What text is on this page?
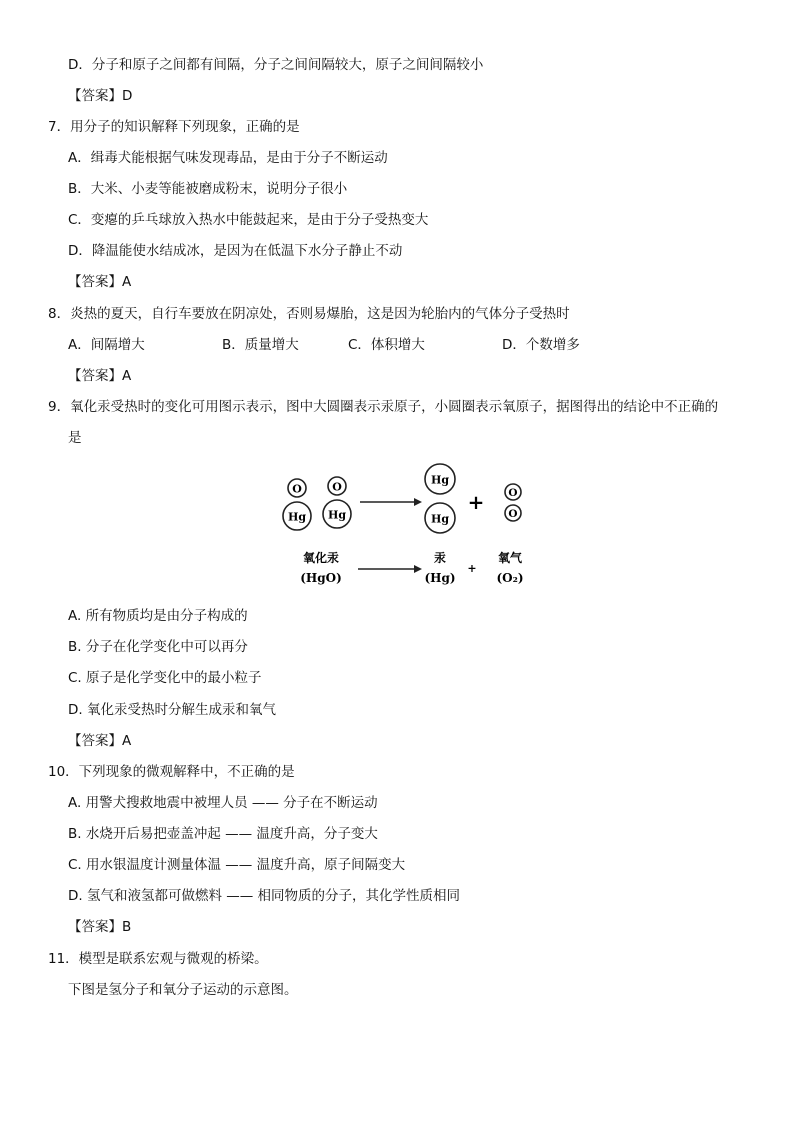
D．分子和原子之间都有间隔，分子之间间隔较大，原子之间间隔较小
【答案】D
7．用分子的知识解释下列现象，正确的是
A．缉毒犬能根据气味发现毒品，是由于分子不断运动
B．大米、小麦等能被磨成粉末，说明分子很小
C．变瘪的乒乓球放入热水中能鼓起来，是由于分子受热变大
D．降温能使水结成冰，是因为在低温下水分子静止不动
【答案】A
8．炎热的夏天，自行车要放在阴凉处，否则易爆胎，这是因为轮胎内的气体分子受热时
A．间隔增大	B．质量增大	C．体积增大	D．个数增多
【答案】A
9．氧化汞受热时的变化可用图示表示，图中大圆圈表示汞原子，小圆圈表示氧原子，据图得出的结论中不正确的
是
O
Hg
O
Hg
Hg
Hg
+ O
O
氧化汞
(HgO)
汞
(Hg)
+
氧气
(O₂)
A. 所有物质均是由分子构成的
B. 分子在化学变化中可以再分
C. 原子是化学变化中的最小粒子
D. 氧化汞受热时分解生成汞和氧气
【答案】A
10．下列现象的微观解释中，不正确的是
A. 用警犬搜救地震中被埋人员 —— 分子在不断运动
B. 水烧开后易把壶盖冲起 —— 温度升高，分子变大
C. 用水银温度计测量体温 —— 温度升高，原子间隔变大
D. 氢气和液氢都可做燃料 —— 相同物质的分子，其化学性质相同
【答案】B
11．模型是联系宏观与微观的桥梁。
下图是氢分子和氧分子运动的示意图。
